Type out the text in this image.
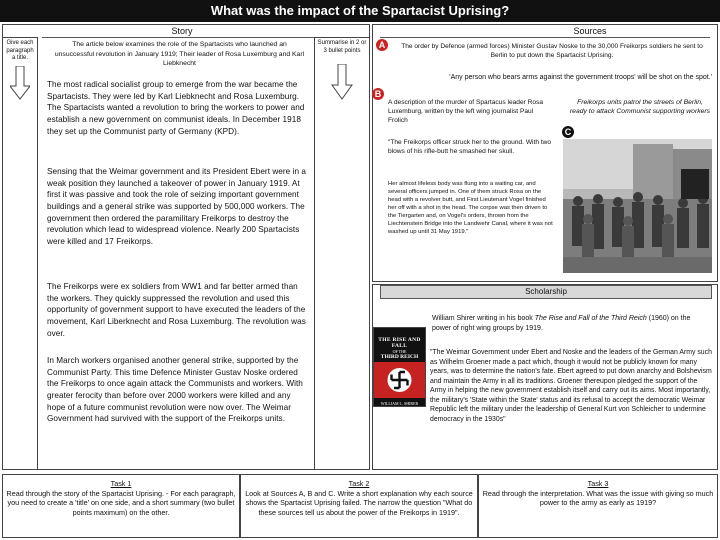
What was the impact of the Spartacist Uprising?
Story
Give each paragraph a title.
Summarise in 2 or 3 bullet points
The article below examines the role of the Spartacists who launched an unsuccessful revolution in January 1919; Their leader of Rosa Luxemburg and Karl Liebknecht
The most radical socialist group to emerge from the war became the Spartacists. They were led by Karl Liebknecht and Rosa Luxemburg. The Spartacists wanted a revolution to bring the workers to power and establish a new government on communist ideals. In December 1918 they set up the Communist party of Germany (KPD).
Sensing that the Weimar government and its President Ebert were in a weak position they launched a takeover of power in January 1919. At first it was passive and took the role of seizing important government buildings and a general strike was supported by 500,000 workers. The government then ordered the paramilitary Freikorps to destroy the revolution which lead to widespread violence. Nearly 200 Spartacists were killed and 17 Freikorps.
The Freikorps were ex soldiers from WW1 and far better armed than the workers. They quickly suppressed the revolution and used this opportunity of government support to have executed the leaders of the movement, Karl Liberknecht and Rosa Luxemburg. The revolution was over.
In March workers organised another general strike, supported by the Communist Party. This time Defence Minister Gustav Noske ordered the Freikorps to once again attack the Communists and workers. With greater ferocity than before over 2000 workers were killed and any hope of a future communist revolution were now over. The Weimar Government had survived with the support of the Freikorps units.
Sources
A	The order by Defence (armed forces) Minister Gustav Noske to the 30,000 Freikorps soldiers he sent to Berlin to put down the Spartacist Uprising.
'Any person who bears arms against the government troops' will be shot on the spot.'
B
A description of the murder of Spartacus leader Rosa Luxemburg, written by the left wing journalist Paul Frolich
"The Freikorps officer struck her to the ground. With two blows of his rifle-butt he smashed her skull.
Her almost lifeless body was flung into a waiting car, and several officers jumped in. One of them struck Rosa on the head with a revolver butt, and First Lieutenant Vogel finished her off with a shot in the head. The corpse was then driven to the Tiergarten and, on Vogel's orders, thrown from the Liechtenstein Bridge into the Landwehr Canal, where it was not washed up until 31 May 1919."
Freikorps units patrol the streets of Berlin, ready to attack Communist supporting workers
C
Scholarship
THE RISE AND FALL
OF THE
THIRD REICH
WILLIAM L. SHIRER
William Shirer writing in his book The Rise and Fall of the Third Reich (1960) on the power of right wing groups by 1919.
"The Weimar Government under Ebert and Noske and the leaders of the German Army such as Wilhelm Groener made a pact which, though it would not be publicly known for many years, was to determine the nation's fate. Ebert agreed to put down anarchy and Bolshevism and maintain the Army in all its traditions. Groener thereupon pledged the support of the Army in helping the new government establish itself and carry out its aims. Most importantly, the military's 'State within the State' status and its refusal to accept the democratic Weimar Republic left the military under the leadership of General Kurt von Schleicher to undermine democracy in the 1930s"
Task 1
Read through the story of the Spartacist Uprising. - For each paragraph, you need to create a 'title' on one side, and a short summary (two bullet points maximum) on the other.
Task 2
Look at Sources A, B and C. Write a short explanation why each source shows the Spartacist Uprising failed. The narrow the question "What do these sources tell us about the power of the Freikorps in 1919".
Task 3
Read through the interpretation. What was the issue with giving so much power to the army as early as 1919?
